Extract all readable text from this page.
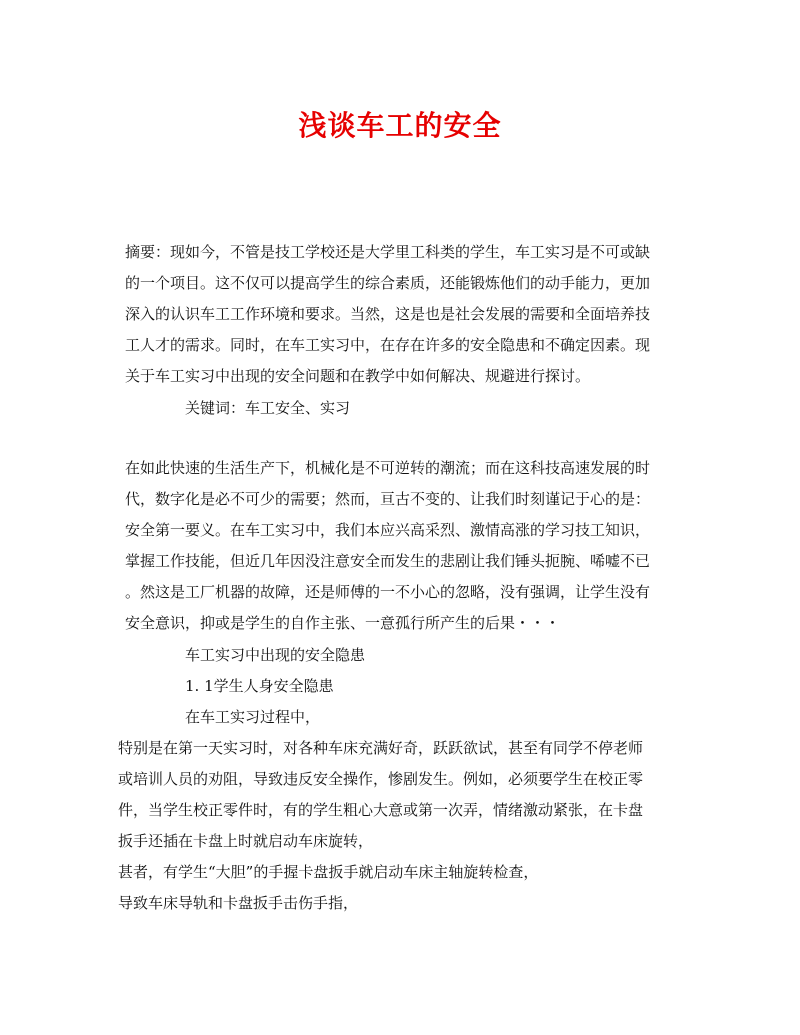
浅谈车工的安全
摘要：现如今，不管是技工学校还是大学里工科类的学生，车工实习是不可或缺
的一个项目。这不仅可以提高学生的综合素质，还能锻炼他们的动手能力，更加
深入的认识车工工作环境和要求。当然，这是也是社会发展的需要和全面培养技
工人才的需求。同时，在车工实习中，在存在许多的安全隐患和不确定因素。现
关于车工实习中出现的安全问题和在教学中如何解决、规避进行探讨。
关键词：车工安全、实习
在如此快速的生活生产下，机械化是不可逆转的潮流；而在这科技高速发展的时
代，数字化是必不可少的需要；然而，亘古不变的、让我们时刻谨记于心的是：
安全第一要义。在车工实习中，我们本应兴高采烈、激情高涨的学习技工知识，
掌握工作技能，但近几年因没注意安全而发生的悲剧让我们锤头扼腕、唏嘘不已
。然这是工厂机器的故障，还是师傅的一不小心的忽略，没有强调，让学生没有
安全意识，抑或是学生的自作主张、一意孤行所产生的后果・・・
车工实习中出现的安全隐患
1. 1学生人身安全隐患
在车工实习过程中，
特别是在第一天实习时，对各种车床充满好奇，跃跃欲试，甚至有同学不停老师
或培训人员的劝阻，导致违反安全操作，惨剧发生。例如，必须要学生在校正零
件，当学生校正零件时，有的学生粗心大意或第一次弄，情绪激动紧张，在卡盘
扳手还插在卡盘上时就启动车床旋转，
甚者，有学生“大胆”的手握卡盘扳手就启动车床主轴旋转检查，
导致车床导轨和卡盘扳手击伤手指，
